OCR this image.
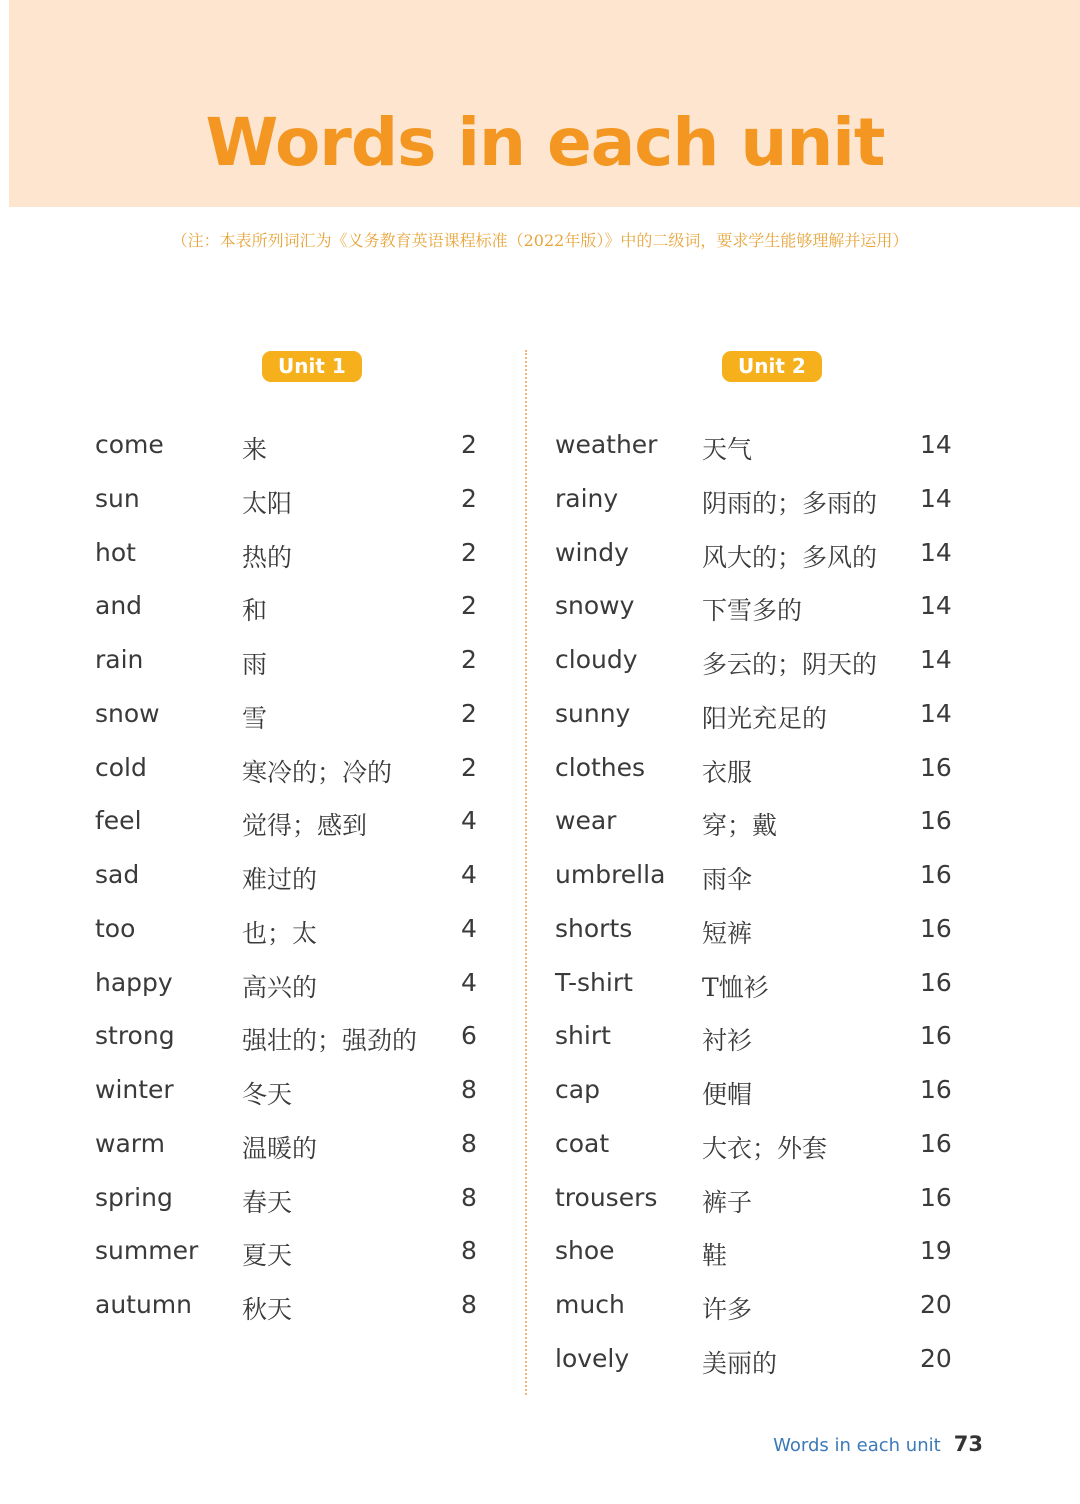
Words in each unit
（注：本表所列词汇为《义务教育英语课程标准（2022年版）》中的二级词，要求学生能够理解并运用）
Unit 1	Unit 2
come	来	2
sun	太阳	2
hot	热的	2
and	和	2
rain	雨	2
snow	雪	2
cold	寒冷的；冷的	2
feel	觉得；感到	4
sad	难过的	4
too	也；太	4
happy	高兴的	4
strong	强壮的；强劲的 6
winter	冬天	8
warm	温暖的	8
spring	春天	8
summer 夏天	8
autumn 秋天	8
weather 天气	14
rainy	阴雨的；多雨的 14
windy	风大的；多风的 14
snowy	下雪多的	14
cloudy	多云的；阴天的 14
sunny	阳光充足的	14
clothes 衣服	16
wear	穿；戴	16
umbrella 雨伞	16
shorts	短裤	16
T-shirt	T恤衫	16
shirt	衬衫	16
cap	便帽	16
coat	大衣；外套	16
trousers 裤子	16
shoe	鞋	19
much	许多	20
lovely	美丽的	20
Words in each unit 73
